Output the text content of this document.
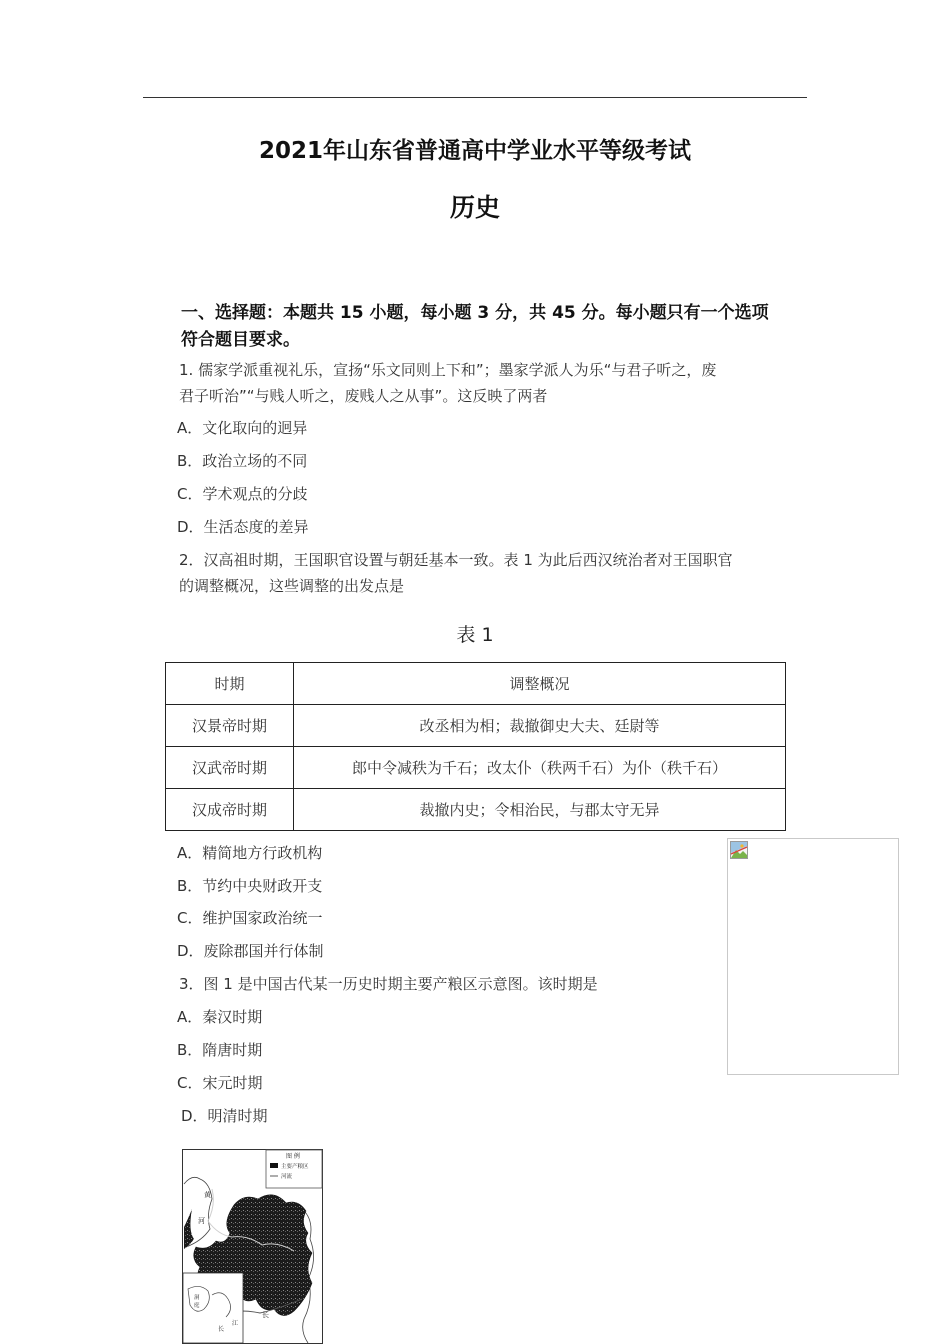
2021年山东省普通高中学业水平等级考试
历史
一、选择题：本题共 15 小题，每小题 3 分，共 45 分。每小题只有一个选项
符合题目要求。
1. 儒家学派重视礼乐，宣扬“乐文同则上下和”；墨家学派人为乐“与君子听之，废
君子听治”“与贱人听之，废贱人之从事”。这反映了两者
A．文化取向的迥异
B．政治立场的不同
C．学术观点的分歧
D．生活态度的差异
2．汉高祖时期，王国职官设置与朝廷基本一致。表 1 为此后西汉统治者对王国职官
的调整概况，这些调整的出发点是
表 1
时期	调整概况
汉景帝时期	改丞相为相；裁撤御史大夫、廷尉等
汉武帝时期	郎中令减秩为千石；改太仆（秩两千石）为仆（秩千石）
汉成帝时期	裁撤内史；令相治民，与郡太守无异
A．精简地方行政机构
B．节约中央财政开支
C．维护国家政治统一
D．废除郡国并行体制
3．图 1 是中国古代某一历史时期主要产粮区示意图。该时期是
A．秦汉时期
B．隋唐时期
C．宋元时期
D．明清时期
图 例
主要产粮区
河流
黄
河
江
长
洞
庭
长
江
